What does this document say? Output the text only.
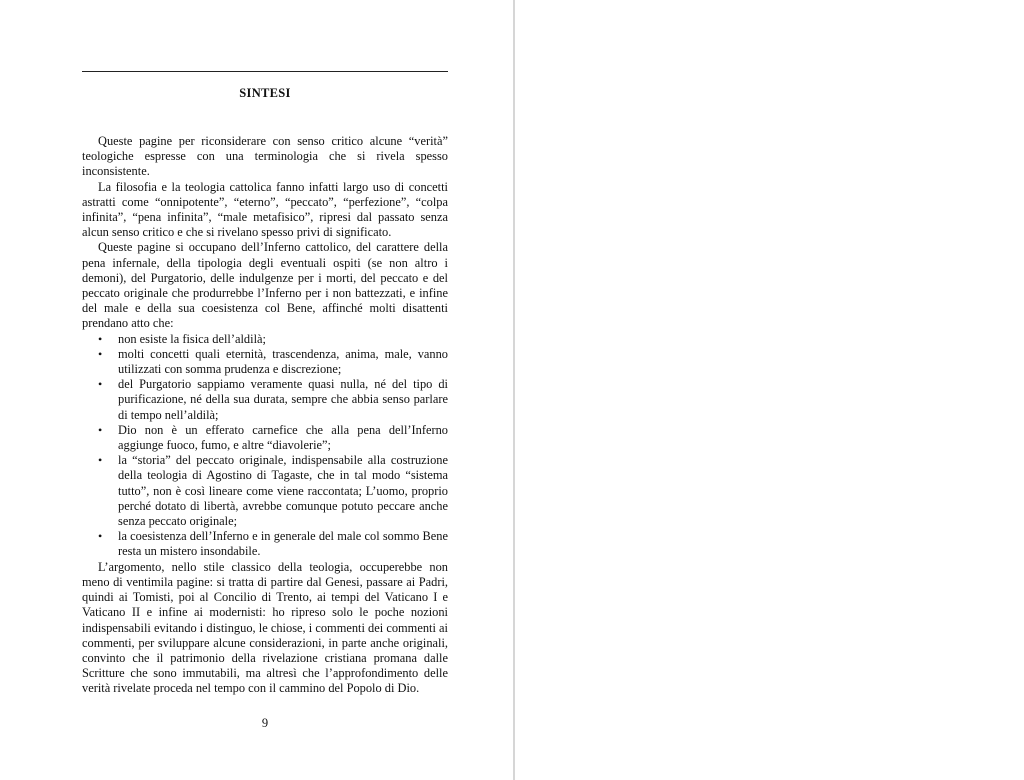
SINTESI

Queste pagine per riconsiderare con senso critico alcune “verità” teologiche espresse con una terminologia che si rivela spesso inconsistente.

La filosofia e la teologia cattolica fanno infatti largo uso di concetti astratti come “onnipotente”, “eterno”, “peccato”, “perfezione”, “colpa infinita”, “pena infinita”, “male metafisico”, ripresi dal passato senza alcun senso critico e che si rivelano spesso privi di significato.

Queste pagine si occupano dell’Inferno cattolico, del carattere della pena infernale, della tipologia degli eventuali ospiti (se non altro i demoni), del Purgatorio, delle indulgenze per i morti, del peccato e del peccato originale che produrrebbe l’Inferno per i non battezzati, e infine del male e della sua coesistenza col Bene, affinché molti disattenti prendano atto che:

• non esiste la fisica dell’aldilà;
• molti concetti quali eternità, trascendenza, anima, male, vanno utilizzati con somma prudenza e discrezione;
• del Purgatorio sappiamo veramente quasi nulla, né del tipo di purificazione, né della sua durata, sempre che abbia senso parlare di tempo nell’aldilà;
• Dio non è un efferato carnefice che alla pena dell’Inferno aggiunge fuoco, fumo, e altre “diavolerie”;
• la “storia” del peccato originale, indispensabile alla costruzione della teologia di Agostino di Tagaste, che in tal modo “sistema tutto”, non è così lineare come viene raccontata; L’uomo, proprio perché dotato di libertà, avrebbe comunque potuto peccare anche senza peccato originale;
• la coesistenza dell’Inferno e in generale del male col sommo Bene resta un mistero insondabile.

L’argomento, nello stile classico della teologia, occuperebbe non meno di ventimila pagine: si tratta di partire dal Genesi, passare ai Padri, quindi ai Tomisti, poi al Concilio di Trento, ai tempi del Vaticano I e Vaticano II e infine ai modernisti: ho ripreso solo le poche nozioni indispensabili evitando i distinguo, le chiose, i commenti dei commenti ai commenti, per sviluppare alcune considerazioni, in parte anche originali, convinto che il patrimonio della rivelazione cristiana promana dalle Scritture che sono immutabili, ma altresì che l’approfondimento delle verità rivelate proceda nel tempo con il cammino del Popolo di Dio.

9
